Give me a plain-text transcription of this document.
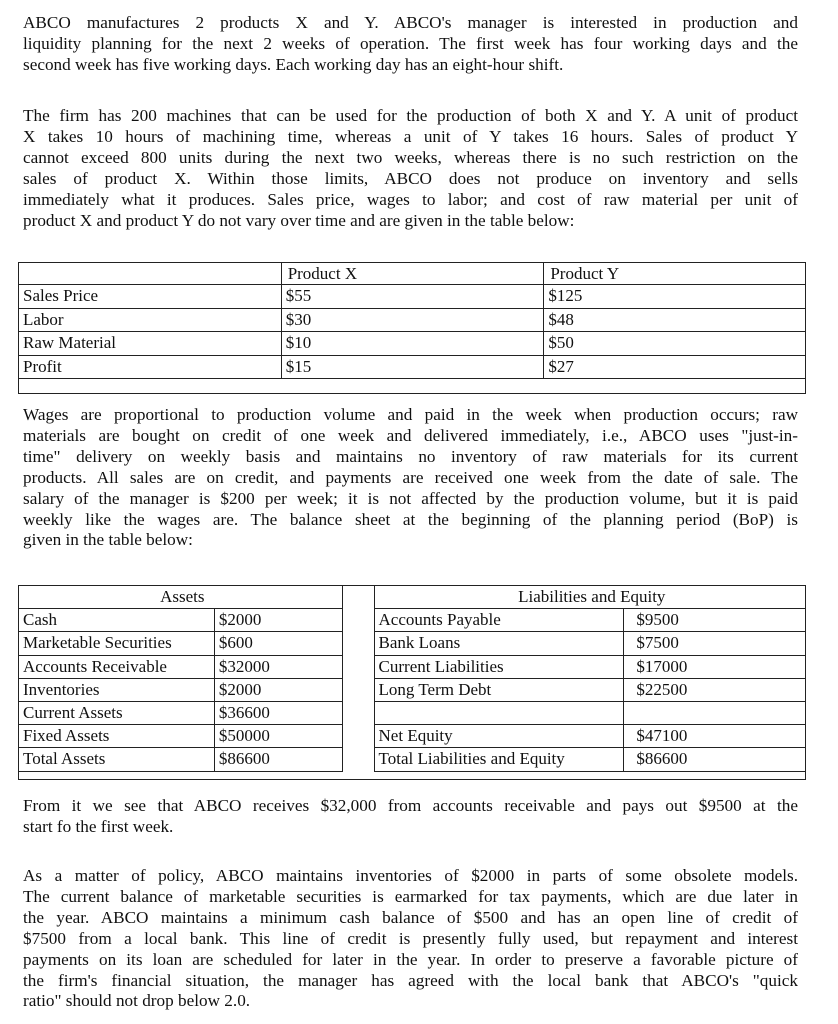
ABCO manufactures 2 products X and Y. ABCO's manager is interested in production and
liquidity planning for the next 2 weeks of operation. The first week has four working days and the
second week has five working days. Each working day has an eight-hour shift.

The firm has 200 machines that can be used for the production of both X and Y. A unit of product
X takes 10 hours of machining time, whereas a unit of Y takes 16 hours. Sales of product Y
cannot exceed 800 units during the next two weeks, whereas there is no such restriction on the
sales of product X. Within those limits, ABCO does not produce on inventory and sells
immediately what it produces. Sales price, wages to labor; and cost of raw material per unit of
product X and product Y do not vary over time and are given in the table below:

	Product X	Product Y
Sales Price	$55	$125
Labor	$30	$48
Raw Material	$10	$50
Profit	$15	$27

Wages are proportional to production volume and paid in the week when production occurs; raw
materials are bought on credit of one week and delivered immediately, i.e., ABCO uses "just-in-
time" delivery on weekly basis and maintains no inventory of raw materials for its current
products. All sales are on credit, and payments are received one week from the date of sale. The
salary of the manager is $200 per week; it is not affected by the production volume, but it is paid
weekly like the wages are. The balance sheet at the beginning of the planning period (BoP) is
given in the table below:

Assets			Liabilities and Equity	
Cash	$2000		Accounts Payable	$9500
Marketable Securities	$600		Bank Loans	$7500
Accounts Receivable	$32000		Current Liabilities	$17000
Inventories	$2000		Long Term Debt	$22500
Current Assets	$36600			
Fixed Assets	$50000		Net Equity	$47100
Total Assets	$86600		Total Liabilities and Equity	$86600

From it we see that ABCO receives $32,000 from accounts receivable and pays out $9500 at the
start fo the first week.

As a matter of policy, ABCO maintains inventories of $2000 in parts of some obsolete models.
The current balance of marketable securities is earmarked for tax payments, which are due later in
the year. ABCO maintains a minimum cash balance of $500 and has an open line of credit of
$7500 from a local bank. This line of credit is presently fully used, but repayment and interest
payments on its loan are scheduled for later in the year. In order to preserve a favorable picture of
the firm's financial situation, the manager has agreed with the local bank that ABCO's "quick
ratio" should not drop below 2.0.
